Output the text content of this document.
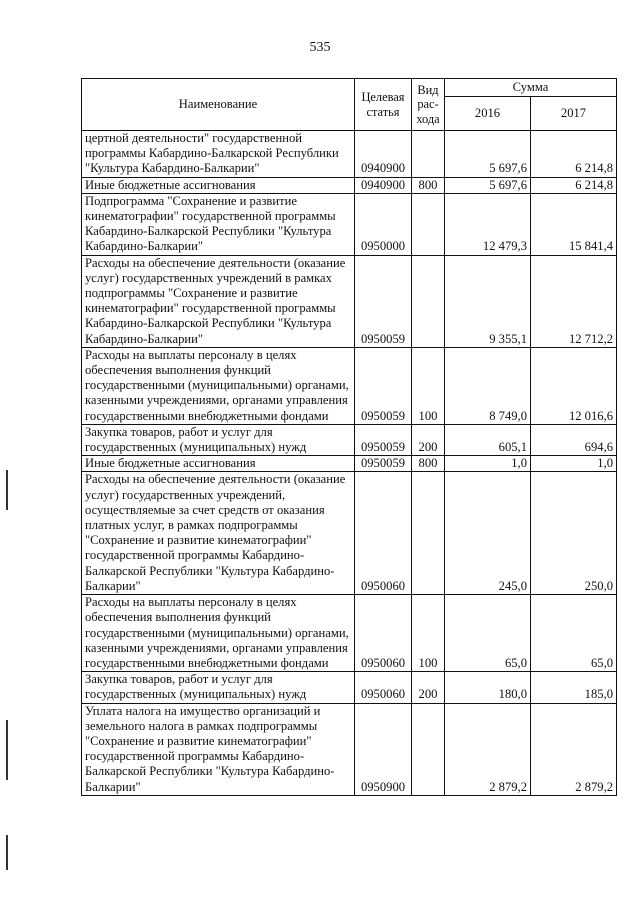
535
Наименование	Целевая статья	Вид рас-хода	Сумма	
			2016	2017
цертной деятельности" государственной программы Кабардино-Балкарской Республики "Культура Кабардино-Балкарии"	0940900		5 697,6	6 214,8
Иные бюджетные ассигнования	0940900	800	5 697,6	6 214,8
Подпрограмма "Сохранение и развитие кинематографии" государственной программы Кабардино-Балкарской Республики "Культура Кабардино-Балкарии"	0950000		12 479,3	15 841,4
Расходы на обеспечение деятельности (оказание услуг) государственных учреждений в рамках подпрограммы "Сохранение и развитие кинематографии" государственной программы Кабардино-Балкарской Республики "Культура Кабардино-Балкарии"	0950059		9 355,1	12 712,2
Расходы на выплаты персоналу в целях обеспечения выполнения функций государственными (муниципальными) органами, казенными учреждениями, органами управления государственными внебюджетными фондами	0950059	100	8 749,0	12 016,6
Закупка товаров, работ и услуг для государственных (муниципальных) нужд	0950059	200	605,1	694,6
Иные бюджетные ассигнования	0950059	800	1,0	1,0
Расходы на обеспечение деятельности (оказание услуг) государственных учреждений, осуществляемые за счет средств от оказания платных услуг, в рамках подпрограммы "Сохранение и развитие кинематографии" государственной программы Кабардино-Балкарской Республики "Культура Кабардино-Балкарии"	0950060		245,0	250,0
Расходы на выплаты персоналу в целях обеспечения выполнения функций государственными (муниципальными) органами, казенными учреждениями, органами управления государственными внебюджетными фондами	0950060	100	65,0	65,0
Закупка товаров, работ и услуг для государственных (муниципальных) нужд	0950060	200	180,0	185,0
Уплата налога на имущество организаций и земельного налога в рамках подпрограммы "Сохранение и развитие кинематографии" государственной программы Кабардино-Балкарской Республики "Культура Кабардино-Балкарии"	0950900		2 879,2	2 879,2
